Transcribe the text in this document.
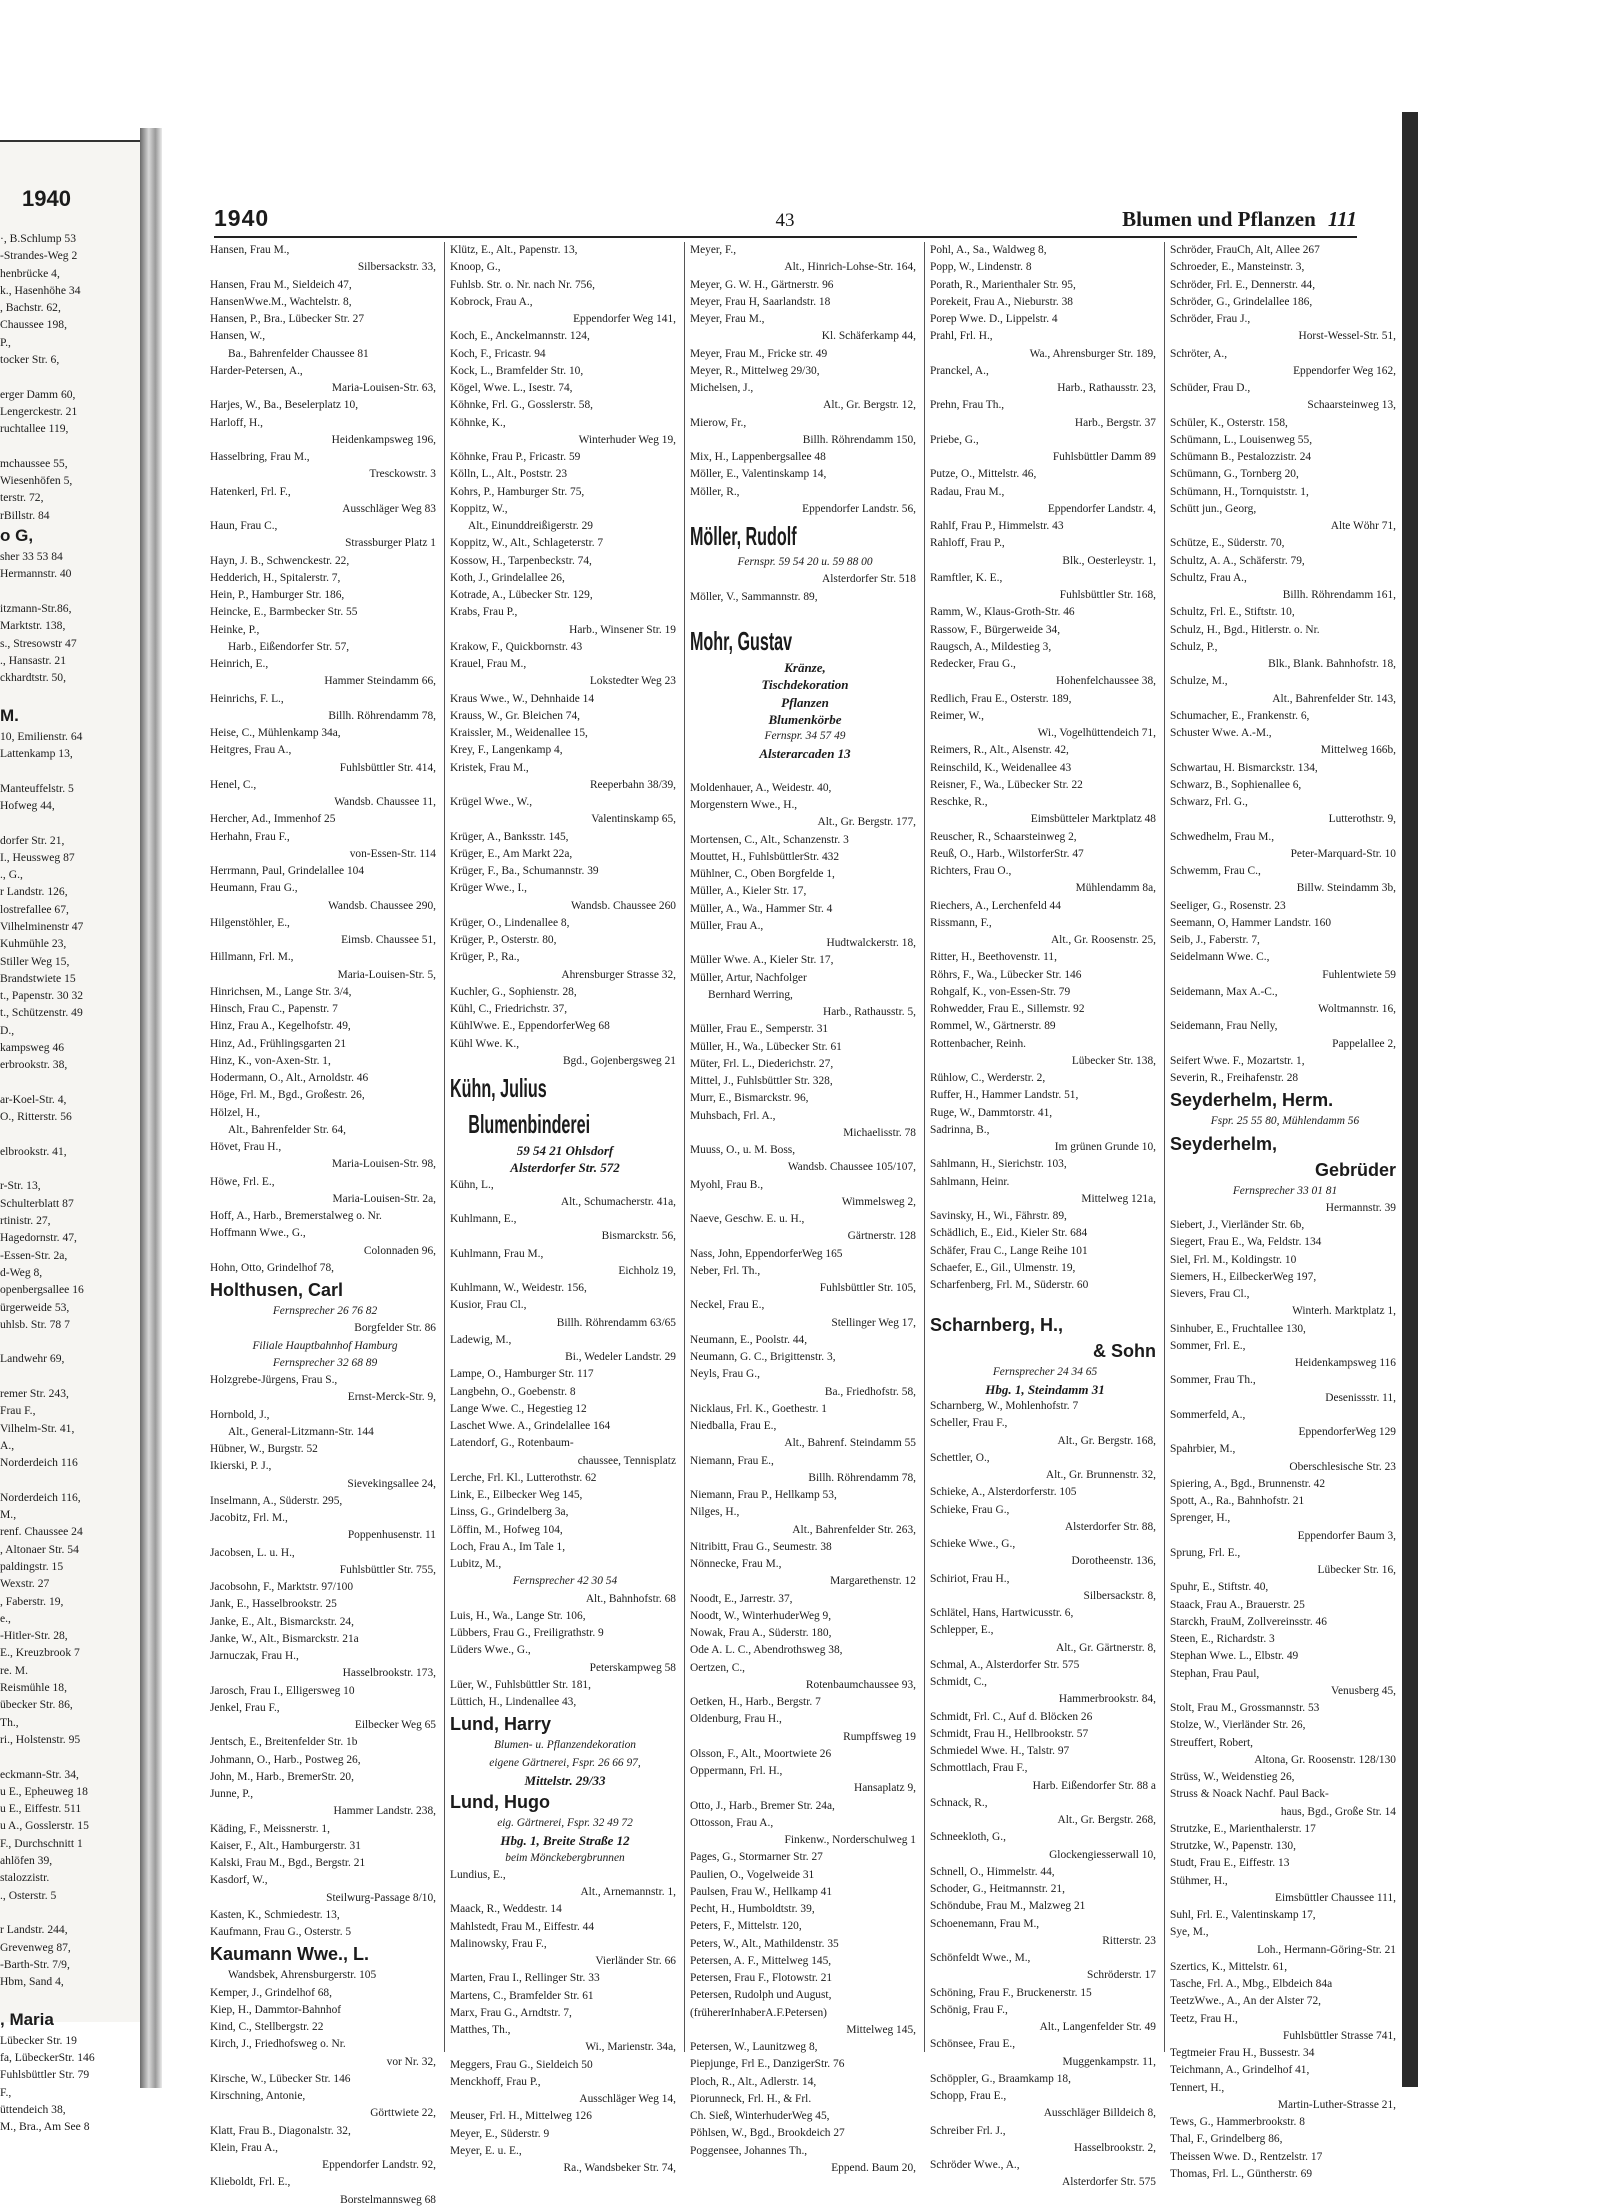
1940
·, B.Schlump 53
-Strandes-Weg 2
henbrücke 4,
k., Hasenhöhe 34
, Bachstr. 62,
Chaussee 198,
P.,
tocker Str. 6,

erger Damm 60,
Lengerckestr. 21
ruchtallee 119,

mchaussee 55,
Wiesenhöfen 5,
terstr. 72,
rBillstr. 84
o G,
sher 33 53 84
Hermannstr. 40

itzmann-Str.86,
Marktstr. 138,
s., Stresowstr 47
., Hansastr. 21
ckhardtstr. 50,

M.
10, Emilienstr. 64
Lattenkamp 13,

Manteuffelstr. 5
Hofweg 44,

dorfer Str. 21,
I., Heussweg 87
., G.,
r Landstr. 126,
lostrefallee 67,
Vilhelminenstr 47
Kuhmühle 23,
Stiller Weg 15,
Brandstwiete 15
t., Papenstr. 30 32
t., Schützenstr. 49
D.,
kampsweg 46
erbrookstr. 38,

ar-Koel-Str. 4,
O., Ritterstr. 56

elbrookstr. 41,

r-Str. 13,
Schulterblatt 87
rtinistr. 27,
Hagedornstr. 47,
-Essen-Str. 2a,
d-Weg 8,
openbergsallee 16
ürgerweide 53,
uhlsb. Str. 78 7

Landwehr 69,

remer Str. 243,
Frau F.,
Vilhelm-Str. 41,
A.,
Norderdeich 116

Norderdeich 116,
M.,
renf. Chaussee 24
, Altonaer Str. 54
paldingstr. 15
Wexstr. 27
, Faberstr. 19,
e.,
-Hitler-Str. 28,
E., Kreuzbrook 7
re. M.
Reismühle 18,
übecker Str. 86,
Th.,
ri., Holstenstr. 95

eckmann-Str. 34,
u E., Epheuweg 18
u E., Eiffestr. 511
u A., Gosslerstr. 15
F., Durchschnitt 1
ahlöfen 39,
stalozzistr.
., Osterstr. 5

r Landstr. 244,
Grevenweg 87,
-Barth-Str. 7/9,
Hbm, Sand 4,

, Maria
Lübecker Str. 19
fa, LübeckerStr. 146
Fuhlsbüttler Str. 79
F.,
üttendeich 38,
M., Bra., Am See 8
1940	43	Blumen und Pflanzen 111
Hansen, Frau M.,
Silbersackstr. 33,
Hansen, Frau M., Sieldeich 47,
HansenWwe.M., Wachtelstr. 8,
Hansen, P., Bra., Lübecker Str. 27
Hansen, W.,
Ba., Bahrenfelder Chaussee 81
Harder-Petersen, A.,
Maria-Louisen-Str. 63,
Harjes, W., Ba., Beselerplatz 10,
Harloff, H.,
Heidenkampsweg 196,
Hasselbring, Frau M.,
Tresckowstr. 3
Hatenkerl, Frl. F.,
Ausschläger Weg 83
Haun, Frau C.,
Strassburger Platz 1
Hayn, J. B., Schwenckestr. 22,
Hedderich, H., Spitalerstr. 7,
Hein, P., Hamburger Str. 186,
Heincke, E., Barmbecker Str. 55
Heinke, P.,
Harb., Eißendorfer Str. 57,
Heinrich, E.,
Hammer Steindamm 66,
Heinrichs, F. L.,
Billh. Röhrendamm 78,
Heise, C., Mühlenkamp 34a,
Heitgres, Frau A.,
Fuhlsbüttler Str. 414,
Henel, C.,
Wandsb. Chaussee 11,
Hercher, Ad., Immenhof 25
Herhahn, Frau F.,
von-Essen-Str. 114
Herrmann, Paul, Grindelallee 104
Heumann, Frau G.,
Wandsb. Chaussee 290,
Hilgenstöhler, E.,
Eimsb. Chaussee 51,
Hillmann, Frl. M.,
Maria-Louisen-Str. 5,
Hinrichsen, M., Lange Str. 3/4,
Hinsch, Frau C., Papenstr. 7
Hinz, Frau A., Kegelhofstr. 49,
Hinz, Ad., Frühlingsgarten 21
Hinz, K., von-Axen-Str. 1,
Hodermann, O., Alt., Arnoldstr. 46
Höge, Frl. M., Bgd., Großestr. 26,
Hölzel, H.,
Alt., Bahrenfelder Str. 64,
Hövet, Frau H.,
Maria-Louisen-Str. 98,
Höwe, Frl. E.,
Maria-Louisen-Str. 2a,
Hoff, A., Harb., Bremerstalweg o. Nr.
Hoffmann Wwe., G.,
Colonnaden 96,
Hohn, Otto, Grindelhof 78,
Holthusen, Carl
Fernsprecher 26 76 82
Borgfelder Str. 86
Filiale Hauptbahnhof Hamburg
Fernsprecher 32 68 89
Holzgrebe-Jürgens, Frau S.,
Ernst-Merck-Str. 9,
Hornbold, J.,
Alt., General-Litzmann-Str. 144
Hübner, W., Burgstr. 52
Ikierski, P. J.,
Sievekingsallee 24,
Inselmann, A., Süderstr. 295,
Jacobitz, Frl. M.,
Poppenhusenstr. 11
Jacobsen, L. u. H.,
Fuhlsbüttler Str. 755,
Jacobsohn, F., Marktstr. 97/100
Jank, E., Hasselbrookstr. 25
Janke, E., Alt., Bismarckstr. 24,
Janke, W., Alt., Bismarckstr. 21a
Jarnuczak, Frau H.,
Hasselbrookstr. 173,
Jarosch, Frau I., Elligersweg 10
Jenkel, Frau F.,
Eilbecker Weg 65
Jentsch, E., Breitenfelder Str. 1b
Johmann, O., Harb., Postweg 26,
John, M., Harb., BremerStr. 20,
Junne, P.,
Hammer Landstr. 238,
Käding, F., Meissnerstr. 1,
Kaiser, F., Alt., Hamburgerstr. 31
Kalski, Frau M., Bgd., Bergstr. 21
Kasdorf, W.,
Steilwurg-Passage 8/10,
Kasten, K., Schmiedestr. 13,
Kaufmann, Frau G., Osterstr. 5
Kaumann Wwe., L.
Wandsbek, Ahrensburgerstr. 105
Kemper, J., Grindelhof 68,
Kiep, H., Dammtor-Bahnhof
Kind, C., Stellbergstr. 22
Kirch, J., Friedhofsweg o. Nr.
vor Nr. 32,
Kirsche, W., Lübecker Str. 146
Kirschning, Antonie,
Görttwiete 22,
Klatt, Frau B., Diagonalstr. 32,
Klein, Frau A.,
Eppendorfer Landstr. 92,
Klieboldt, Frl. E.,
Borstelmannsweg 68
Klütz, E., Alt., Papenstr. 13,
Knoop, G.,
Fuhlsb. Str. o. Nr. nach Nr. 756,
Kobrock, Frau A.,
Eppendorfer Weg 141,
Koch, E., Anckelmannstr. 124,
Koch, F., Fricastr. 94
Kock, L., Bramfelder Str. 10,
Kögel, Wwe. L., Isestr. 74,
Köhnke, Frl. G., Gosslerstr. 58,
Köhnke, K.,
Winterhuder Weg 19,
Köhnke, Frau P., Fricastr. 59
Kölln, L., Alt., Poststr. 23
Kohrs, P., Hamburger Str. 75,
Koppitz, W.,
Alt., Einunddreißigerstr. 29
Koppitz, W., Alt., Schlageterstr. 7
Kossow, H., Tarpenbeckstr. 74,
Koth, J., Grindelallee 26,
Kotrade, A., Lübecker Str. 129,
Krabs, Frau P.,
Harb., Winsener Str. 19
Krakow, F., Quickbornstr. 43
Krauel, Frau M.,
Lokstedter Weg 23
Kraus Wwe., W., Dehnhaide 14
Krauss, W., Gr. Bleichen 74,
Kraissler, M., Weidenallee 15,
Krey, F., Langenkamp 4,
Kristek, Frau M.,
Reeperbahn 38/39,
Krügel Wwe., W.,
Valentinskamp 65,
Krüger, A., Banksstr. 145,
Krüger, E., Am Markt 22a,
Krüger, F., Ba., Schumannstr. 39
Krüger Wwe., I.,
Wandsb. Chaussee 260
Krüger, O., Lindenallee 8,
Krüger, P., Osterstr. 80,
Krüger, P., Ra.,
Ahrensburger Strasse 32,
Kuchler, G., Sophienstr. 28,
Kühl, C., Friedrichstr. 37,
KühlWwe. E., EppendorferWeg 68
Kühl Wwe. K.,
Bgd., Gojenbergsweg 21
Kühn, Julius
Blumenbinderei
59 54 21 Ohlsdorf
Alsterdorfer Str. 572
Kühn, L.,
Alt., Schumacherstr. 41a,
Kuhlmann, E.,
Bismarckstr. 56,
Kuhlmann, Frau M.,
Eichholz 19,
Kuhlmann, W., Weidestr. 156,
Kusior, Frau Cl.,
Billh. Röhrendamm 63/65
Ladewig, M.,
Bi., Wedeler Landstr. 29
Lampe, O., Hamburger Str. 117
Langbehn, O., Goebenstr. 8
Lange Wwe. C., Hegestieg 12
Laschet Wwe. A., Grindelallee 164
Latendorf, G., Rotenbaum-
chaussee, Tennisplatz
Lerche, Frl. Kl., Lutterothstr. 62
Link, E., Eilbecker Weg 145,
Linss, G., Grindelberg 3a,
Löffin, M., Hofweg 104,
Loch, Frau A., Im Tale 1,
Lubitz, M.,
Fernsprecher 42 30 54
Alt., Bahnhofstr. 68
Luis, H., Wa., Lange Str. 106,
Lübbers, Frau G., Freiligrathstr. 9
Lüders Wwe., G.,
Peterskampweg 58
Lüer, W., Fuhlsbüttler Str. 181,
Lüttich, H., Lindenallee 43,
Lund, Harry
Blumen- u. Pflanzendekoration
eigene Gärtnerei, Fspr. 26 66 97,
Mittelstr. 29/33
Lund, Hugo
eig. Gärtnerei, Fspr. 32 49 72
Hbg. 1, Breite Straße 12
beim Mönckebergbrunnen
Lundius, E.,
Alt., Arnemannstr. 1,
Maack, R., Weddestr. 14
Mahlstedt, Frau M., Eiffestr. 44
Malinowsky, Frau F.,
Vierländer Str. 66
Marten, Frau I., Rellinger Str. 33
Martens, C., Bramfelder Str. 61
Marx, Frau G., Arndtstr. 7,
Matthes, Th.,
Wi., Marienstr. 34a,
Meggers, Frau G., Sieldeich 50
Menckhoff, Frau P.,
Ausschläger Weg 14,
Meuser, Frl. H., Mittelweg 126
Meyer, E., Süderstr. 9
Meyer, E. u. E.,
Ra., Wandsbeker Str. 74,
Meyer, F.,
Alt., Hinrich-Lohse-Str. 164,
Meyer, G. W. H., Gärtnerstr. 96
Meyer, Frau H, Saarlandstr. 18
Meyer, Frau M.,
Kl. Schäferkamp 44,
Meyer, Frau M., Fricke str. 49
Meyer, R., Mittelweg 29/30,
Michelsen, J.,
Alt., Gr. Bergstr. 12,
Mierow, Fr.,
Billh. Röhrendamm 150,
Mix, H., Lappenbergsallee 48
Möller, E., Valentinskamp 14,
Möller, R.,
Eppendorfer Landstr. 56,
Möller, Rudolf
Fernspr. 59 54 20 u. 59 88 00
Alsterdorfer Str. 518
Möller, V., Sammannstr. 89,

Mohr, Gustav
Kränze,
Tischdekoration
Pflanzen
Blumenkörbe
Fernspr. 34 57 49
Alsterarcaden 13

Moldenhauer, A., Weidestr. 40,
Morgenstern Wwe., H.,
Alt., Gr. Bergstr. 177,
Mortensen, C., Alt., Schanzenstr. 3
Mouttet, H., FuhlsbüttlerStr. 432
Mühlner, C., Oben Borgfelde 1,
Müller, A., Kieler Str. 17,
Müller, A., Wa., Hammer Str. 4
Müller, Frau A.,
Hudtwalckerstr. 18,
Müller Wwe. A., Kieler Str. 17,
Müller, Artur, Nachfolger
Bernhard Werring,
Harb., Rathausstr. 5,
Müller, Frau E., Semperstr. 31
Müller, H., Wa., Lübecker Str. 61
Müter, Frl. L., Diederichstr. 27,
Mittel, J., Fuhlsbüttler Str. 328,
Murr, E., Bismarckstr. 96,
Muhsbach, Frl. A.,
Michaelisstr. 78
Muuss, O., u. M. Boss,
Wandsb. Chaussee 105/107,
Myohl, Frau B.,
Wimmelsweg 2,
Naeve, Geschw. E. u. H.,
Gärtnerstr. 128
Nass, John, EppendorferWeg 165
Neber, Frl. Th.,
Fuhlsbüttler Str. 105,
Neckel, Frau E.,
Stellinger Weg 17,
Neumann, E., Poolstr. 44,
Neumann, G. C., Brigittenstr. 3,
Neyls, Frau G.,
Ba., Friedhofstr. 58,
Nicklaus, Frl. K., Goethestr. 1
Niedballa, Frau E.,
Alt., Bahrenf. Steindamm 55
Niemann, Frau E.,
Billh. Röhrendamm 78,
Niemann, Frau P., Hellkamp 53,
Nilges, H.,
Alt., Bahrenfelder Str. 263,
Nitribitt, Frau G., Seumestr. 38
Nönnecke, Frau M.,
Margarethenstr. 12
Noodt, E., Jarrestr. 37,
Noodt, W., WinterhuderWeg 9,
Nowak, Frau A., Süderstr. 180,
Ode A. L. C., Abendrothsweg 38,
Oertzen, C.,
Rotenbaumchaussee 93,
Oetken, H., Harb., Bergstr. 7
Oldenburg, Frau H.,
Rumpffsweg 19
Olsson, F., Alt., Moortwiete 26
Oppermann, Frl. H.,
Hansaplatz 9,
Otto, J., Harb., Bremer Str. 24a,
Ottosson, Frau A.,
Finkenw., Norderschulweg 1
Pages, G., Stormarner Str. 27
Paulien, O., Vogelweide 31
Paulsen, Frau W., Hellkamp 41
Pecht, H., Humboldtstr. 39,
Peters, F., Mittelstr. 120,
Peters, W., Alt., Mathildenstr. 35
Petersen, A. F., Mittelweg 145,
Petersen, Frau F., Flotowstr. 21
Petersen, Rudolph und August,
(frühererInhaberA.F.Petersen)
Mittelweg 145,
Petersen, W., Launitzweg 8,
Piepjunge, Frl E., DanzigerStr. 76
Ploch, R., Alt., Adlerstr. 14,
Piorunneck, Frl. H., & Frl.
Ch. Sieß, WinterhuderWeg 45,
Pöhlsen, W., Bgd., Brookdeich 27
Poggensee, Johannes Th.,
Eppend. Baum 20,
Pohl, A., Sa., Waldweg 8,
Popp, W., Lindenstr. 8
Porath, R., Marienthaler Str. 95,
Porekeit, Frau A., Nieburstr. 38
Porep Wwe. D., Lippelstr. 4
Prahl, Frl. H.,
Wa., Ahrensburger Str. 189,
Pranckel, A.,
Harb., Rathausstr. 23,
Prehn, Frau Th.,
Harb., Bergstr. 37
Priebe, G.,
Fuhlsbüttler Damm 89
Putze, O., Mittelstr. 46,
Radau, Frau M.,
Eppendorfer Landstr. 4,
Rahlf, Frau P., Himmelstr. 43
Rahloff, Frau P.,
Blk., Oesterleystr. 1,
Ramftler, K. E.,
Fuhlsbüttler Str. 168,
Ramm, W., Klaus-Groth-Str. 46
Rassow, F., Bürgerweide 34,
Raugsch, A., Mildestieg 3,
Redecker, Frau G.,
Hohenfelchaussee 38,
Redlich, Frau E., Osterstr. 189,
Reimer, W.,
Wi., Vogelhüttendeich 71,
Reimers, R., Alt., Alsenstr. 42,
Reinschild, K., Weidenallee 43
Reisner, F., Wa., Lübecker Str. 22
Reschke, R.,
Eimsbütteler Marktplatz 48
Reuscher, R., Schaarsteinweg 2,
Reuß, O., Harb., WilstorferStr. 47
Richters, Frau O.,
Mühlendamm 8a,
Riechers, A., Lerchenfeld 44
Rissmann, F.,
Alt., Gr. Roosenstr. 25,
Ritter, H., Beethovenstr. 11,
Röhrs, F., Wa., Lübecker Str. 146
Rohgalf, K., von-Essen-Str. 79
Rohwedder, Frau E., Sillemstr. 92
Rommel, W., Gärtnerstr. 89
Rottenbacher, Reinh.
Lübecker Str. 138,
Rühlow, C., Werderstr. 2,
Ruffer, H., Hammer Landstr. 51,
Ruge, W., Dammtorstr. 41,
Sadrinna, B.,
Im grünen Grunde 10,
Sahlmann, H., Sierichstr. 103,
Sahlmann, Heinr.
Mittelweg 121a,
Savinsky, H., Wi., Fährstr. 89,
Schädlich, E., Eid., Kieler Str. 684
Schäfer, Frau C., Lange Reihe 101
Schaefer, E., Gil., Ulmenstr. 19,
Scharfenberg, Frl. M., Süderstr. 60

Scharnberg, H.,
& Sohn
Fernsprecher 24 34 65
Hbg. 1, Steindamm 31
Scharnberg, W., Mohlenhofstr. 7
Scheller, Frau F.,
Alt., Gr. Bergstr. 168,
Schettler, O.,
Alt., Gr. Brunnenstr. 32,
Schieke, A., Alsterdorferstr. 105
Schieke, Frau G.,
Alsterdorfer Str. 88,
Schieke Wwe., G.,
Dorotheenstr. 136,
Schiriot, Frau H.,
Silbersackstr. 8,
Schlätel, Hans, Hartwicusstr. 6,
Schlepper, E.,
Alt., Gr. Gärtnerstr. 8,
Schmal, A., Alsterdorfer Str. 575
Schmidt, C.,
Hammerbrookstr. 84,
Schmidt, Frl. C., Auf d. Blöcken 26
Schmidt, Frau H., Hellbrookstr. 57
Schmiedel Wwe. H., Talstr. 97
Schmottlach, Frau F.,
Harb. Eißendorfer Str. 88 a
Schnack, R.,
Alt., Gr. Bergstr. 268,
Schneekloth, G.,
Glockengiesserwall 10,
Schnell, O., Himmelstr. 44,
Schoder, G., Heitmannstr. 21,
Schöndube, Frau M., Malzweg 21
Schoenemann, Frau M.,
Ritterstr. 23
Schönfeldt Wwe., M.,
Schröderstr. 17
Schöning, Frau F., Bruckenerstr. 15
Schönig, Frau F.,
Alt., Langenfelder Str. 49
Schönsee, Frau E.,
Muggenkampstr. 11,
Schöppler, G., Braamkamp 18,
Schopp, Frau E.,
Ausschläger Billdeich 8,
Schreiber Frl. J.,
Hasselbrookstr. 2,
Schröder Wwe., A.,
Alsterdorfer Str. 575
Schröder, FrauCh, Alt, Allee 267
Schroeder, E., Mansteinstr. 3,
Schröder, Frl. E., Dennerstr. 44,
Schröder, G., Grindelallee 186,
Schröder, Frau J.,
Horst-Wessel-Str. 51,
Schröter, A.,
Eppendorfer Weg 162,
Schüder, Frau D.,
Schaarsteinweg 13,
Schüler, K., Osterstr. 158,
Schümann, L., Louisenweg 55,
Schümann B., Pestalozzistr. 24
Schümann, G., Tornberg 20,
Schümann, H., Tornquiststr. 1,
Schütt jun., Georg,
Alte Wöhr 71,
Schütze, E., Süderstr. 70,
Schultz, A. A., Schäferstr. 79,
Schultz, Frau A.,
Billh. Röhrendamm 161,
Schultz, Frl. E., Stiftstr. 10,
Schulz, H., Bgd., Hitlerstr. o. Nr.
Schulz, P.,
Blk., Blank. Bahnhofstr. 18,
Schulze, M.,
Alt., Bahrenfelder Str. 143,
Schumacher, E., Frankenstr. 6,
Schuster Wwe. A.-M.,
Mittelweg 166b,
Schwartau, H. Bismarckstr. 134,
Schwarz, B., Sophienallee 6,
Schwarz, Frl. G.,
Lutterothstr. 9,
Schwedhelm, Frau M.,
Peter-Marquard-Str. 10
Schwemm, Frau C.,
Billw. Steindamm 3b,
Seeliger, G., Rosenstr. 23
Seemann, O, Hammer Landstr. 160
Seib, J., Faberstr. 7,
Seidelmann Wwe. C.,
Fuhlentwiete 59
Seidemann, Max A.-C.,
Woltmannstr. 16,
Seidemann, Frau Nelly,
Pappelallee 2,
Seifert Wwe. F., Mozartstr. 1,
Severin, R., Freihafenstr. 28
Seyderhelm, Herm.
Fspr. 25 55 80, Mühlendamm 56
Seyderhelm,
Gebrüder
Fernsprecher 33 01 81
Hermannstr. 39
Siebert, J., Vierländer Str. 6b,
Siegert, Frau E., Wa, Feldstr. 134
Siel, Frl. M., Koldingstr. 10
Siemers, H., EilbeckerWeg 197,
Sievers, Frau Cl.,
Winterh. Marktplatz 1,
Sinhuber, E., Fruchtallee 130,
Sommer, Frl. E.,
Heidenkampsweg 116
Sommer, Frau Th.,
Desenissstr. 11,
Sommerfeld, A.,
EppendorferWeg 129
Spahrbier, M.,
Oberschlesische Str. 23
Spiering, A., Bgd., Brunnenstr. 42
Spott, A., Ra., Bahnhofstr. 21
Sprenger, H.,
Eppendorfer Baum 3,
Sprung, Frl. E.,
Lübecker Str. 16,
Spuhr, E., Stiftstr. 40,
Staack, Frau A., Brauerstr. 25
Starckh, FrauM, Zollvereinsstr. 46
Steen, E., Richardstr. 3
Stephan Wwe. L., Elbstr. 49
Stephan, Frau Paul,
Venusberg 45,
Stolt, Frau M., Grossmannstr. 53
Stolze, W., Vierländer Str. 26,
Streuffert, Robert,
Altona, Gr. Roosenstr. 128/130
Strüss, W., Weidenstieg 26,
Struss & Noack Nachf. Paul Back-
haus, Bgd., Große Str. 14
Strutzke, E., Marienthalerstr. 17
Strutzke, W., Papenstr. 130,
Studt, Frau E., Eiffestr. 13
Stühmer, H.,
Eimsbüttler Chaussee 111,
Suhl, Frl. E., Valentinskamp 17,
Sye, M.,
Loh., Hermann-Göring-Str. 21
Szertics, K., Mittelstr. 61,
Tasche, Frl. A., Mbg., Elbdeich 84a
TeetzWwe., A., An der Alster 72,
Teetz, Frau H.,
Fuhlsbüttler Strasse 741,
Tegtmeier Frau H., Bussestr. 34
Teichmann, A., Grindelhof 41,
Tennert, H.,
Martin-Luther-Strasse 21,
Tews, G., Hammerbrookstr. 8
Thal, F., Grindelberg 86,
Theissen Wwe. D., Rentzelstr. 17
Thomas, Frl. L., Güntherstr. 69
